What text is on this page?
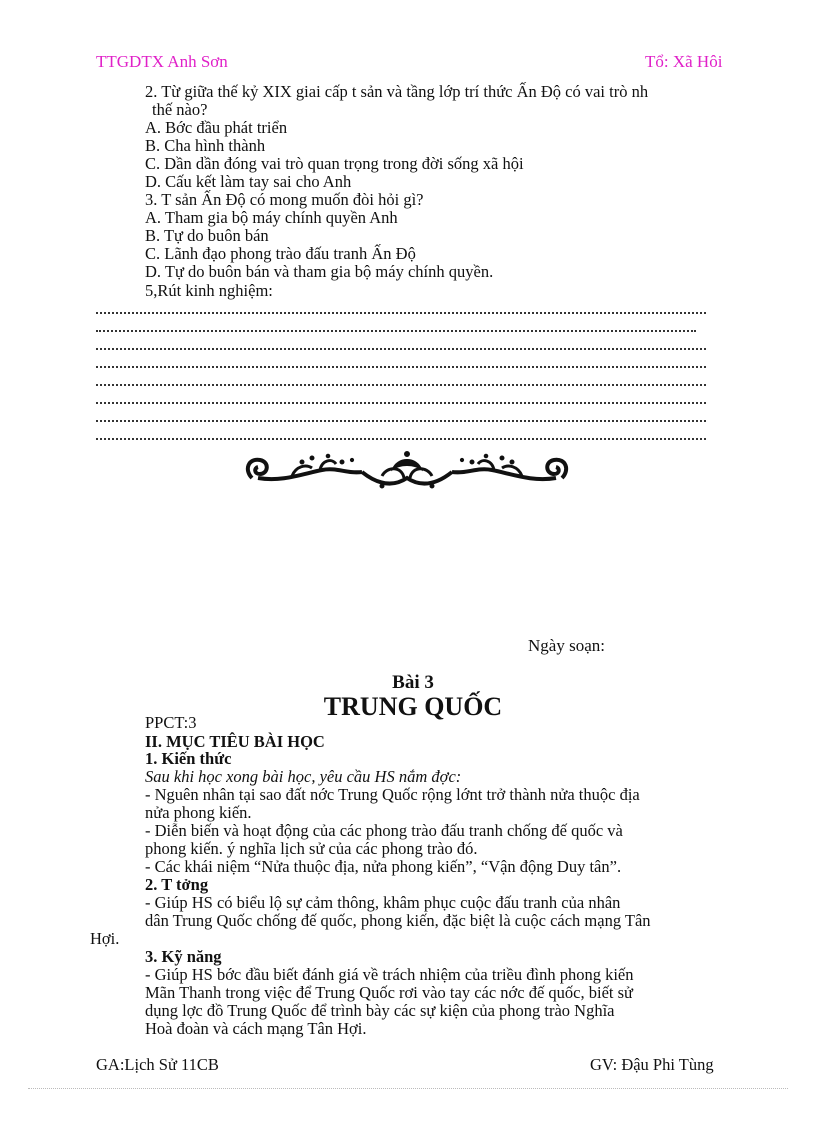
TTGDTX Anh Sơn	Tổ: Xã Hôi
2. Từ giữa thế kỷ XIX giai cấp t sản và tầng lớp trí thức Ấn Độ có vai trò nh
thế nào?
A. Bớc đầu phát triển
B. Cha hình thành
C. Dần dần đóng vai trò quan trọng trong đời sống xã hội
D. Cấu kết làm tay sai cho Anh
3. T sản Ấn Độ có mong muốn đòi hỏi gì?
A. Tham gia bộ máy chính quyền Anh
B. Tự do buôn bán
C. Lãnh đạo phong trào đấu tranh Ấn Độ
D. Tự do buôn bán và tham gia bộ máy chính quyền.
5,Rút kinh nghiệm:
Ngày soạn:
Bài 3
TRUNG QUỐC
PPCT:3
II. MỤC TIÊU BÀI HỌC
1. Kiến thức
Sau khi học xong bài học, yêu cầu HS nắm đợc:
- Nguên nhân tại sao đất nớc Trung Quốc rộng lớnt trở thành nửa thuộc địa
nửa phong kiến.
- Diễn biến và hoạt động của các phong trào đấu tranh chống đế quốc và
phong kiến. ý nghĩa lịch sử của các phong trào đó.
- Các khái niệm “Nửa thuộc địa, nửa phong kiến”, “Vận động Duy tân”.
2. T tởng
- Giúp HS có biểu lộ sự cảm thông, khâm phục cuộc đấu tranh của nhân
dân Trung Quốc chống đế quốc, phong kiến, đặc biệt là cuộc cách mạng Tân
Hợi.
3. Kỹ năng
- Giúp HS bớc đầu biết đánh giá về trách nhiệm của triều đình phong kiến
Mãn Thanh trong việc để Trung Quốc rơi vào tay các nớc đế quốc, biết sử
dụng lợc đồ Trung Quốc để trình bày các sự kiện của phong trào Nghĩa
Hoà đoàn và cách mạng Tân Hợi.
GA:Lịch Sử 11CB	GV: Đậu Phi Tùng
